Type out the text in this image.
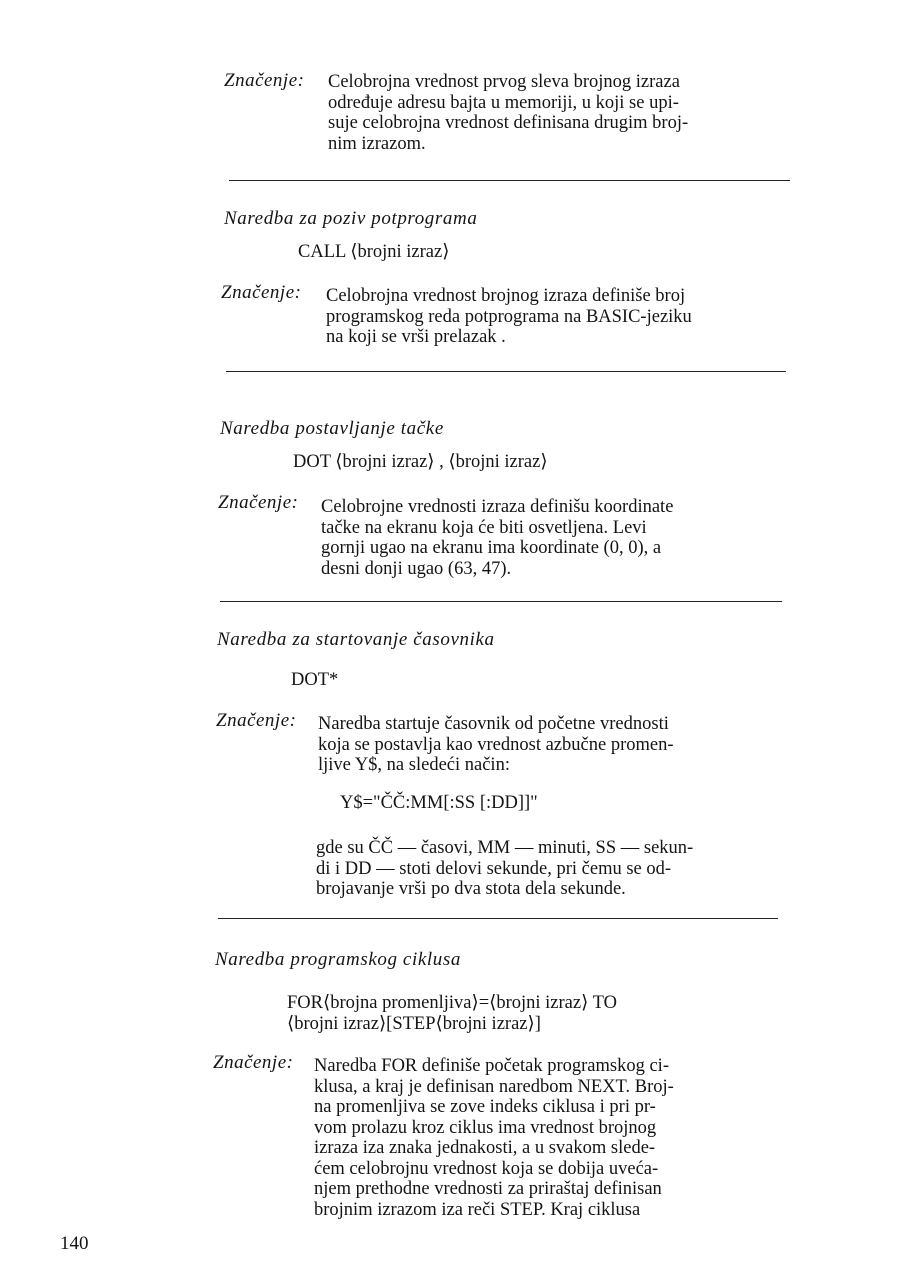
Značenje: Celobrojna vrednost prvog sleva brojnog izraza
određuje adresu bajta u memoriji, u koji se upi-
suje celobrojna vrednost definisana drugim broj-
nim izrazom.
Naredba za poziv potprograma
CALL ⟨brojni izraz⟩
Značenje: Celobrojna vrednost brojnog izraza definiše broj
programskog reda potprograma na BASIC-jeziku
na koji se vrši prelazak .
Naredba postavljanje tačke
DOT ⟨brojni izraz⟩ , ⟨brojni izraz⟩
Značenje: Celobrojne vrednosti izraza definišu koordinate
tačke na ekranu koja će biti osvetljena. Levi
gornji ugao na ekranu ima koordinate (0, 0), a
desni donji ugao (63, 47).
Naredba za startovanje časovnika
DOT*
Značenje: Naredba startuje časovnik od početne vrednosti
koja se postavlja kao vrednost azbučne promen-
ljive Y$, na sledeći način:
Y$="ČČ:MM[:SS [:DD]]"
gde su ČČ — časovi, MM — minuti, SS — sekun-
di i DD — stoti delovi sekunde, pri čemu se od-
brojavanje vrši po dva stota dela sekunde.
Naredba programskog ciklusa
FOR⟨brojna promenljiva⟩=⟨brojni izraz⟩ TO
⟨brojni izraz⟩[STEP⟨brojni izraz⟩]
Značenje: Naredba FOR definiše početak programskog ci-
klusa, a kraj je definisan naredbom NEXT. Broj-
na promenljiva se zove indeks ciklusa i pri pr-
vom prolazu kroz ciklus ima vrednost brojnog
izraza iza znaka jednakosti, a u svakom slede-
ćem celobrojnu vrednost koja se dobija uveća-
njem prethodne vrednosti za priraštaj definisan
brojnim izrazom iza reči STEP. Kraj ciklusa
140
